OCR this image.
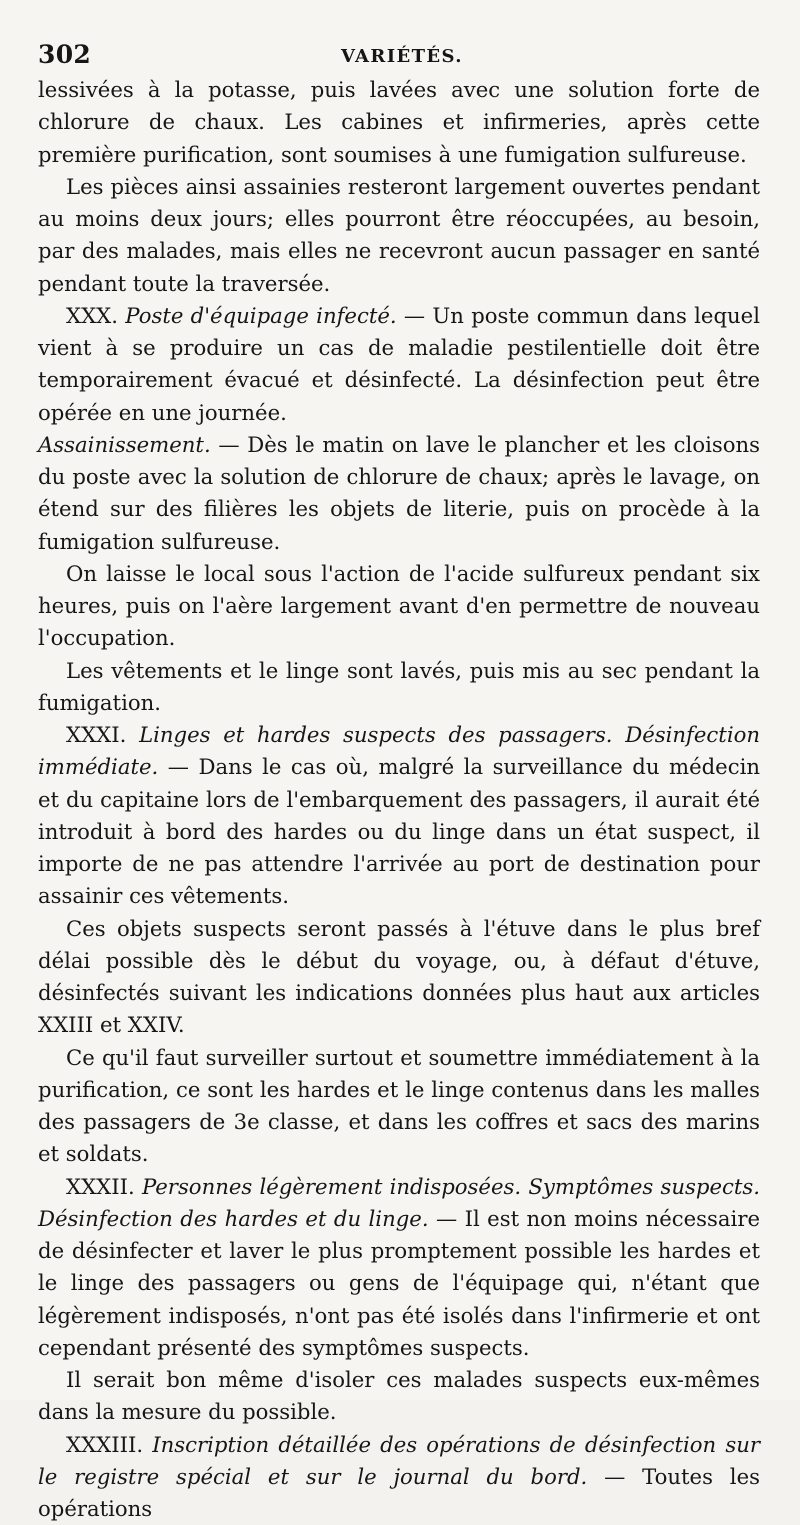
302	VARIÉTÉS.

lessivées à la potasse, puis lavées avec une solution forte de chlorure de chaux. Les cabines et infirmeries, après cette première purification, sont soumises à une fumigation sulfureuse.

Les pièces ainsi assainies resteront largement ouvertes pendant au moins deux jours; elles pourront être réoccupées, au besoin, par des malades, mais elles ne recevront aucun passager en santé pendant toute la traversée.

XXX. Poste d'équipage infecté. — Un poste commun dans lequel vient à se produire un cas de maladie pestilentielle doit être temporairement évacué et désinfecté. La désinfection peut être opérée en une journée.

Assainissement. — Dès le matin on lave le plancher et les cloisons du poste avec la solution de chlorure de chaux; après le lavage, on étend sur des filières les objets de literie, puis on procède à la fumigation sulfureuse.

On laisse le local sous l'action de l'acide sulfureux pendant six heures, puis on l'aère largement avant d'en permettre de nouveau l'occupation.

Les vêtements et le linge sont lavés, puis mis au sec pendant la fumigation.

XXXI. Linges et hardes suspects des passagers. Désinfection immédiate. — Dans le cas où, malgré la surveillance du médecin et du capitaine lors de l'embarquement des passagers, il aurait été introduit à bord des hardes ou du linge dans un état suspect, il importe de ne pas attendre l'arrivée au port de destination pour assainir ces vêtements.

Ces objets suspects seront passés à l'étuve dans le plus bref délai possible dès le début du voyage, ou, à défaut d'étuve, désinfectés suivant les indications données plus haut aux articles XXIII et XXIV.

Ce qu'il faut surveiller surtout et soumettre immédiatement à la purification, ce sont les hardes et le linge contenus dans les malles des passagers de 3e classe, et dans les coffres et sacs des marins et soldats.

XXXII. Personnes légèrement indisposées. Symptômes suspects. Désinfection des hardes et du linge. — Il est non moins nécessaire de désinfecter et laver le plus promptement possible les hardes et le linge des passagers ou gens de l'équipage qui, n'étant que légèrement indisposés, n'ont pas été isolés dans l'infirmerie et ont cependant présenté des symptômes suspects.

Il serait bon même d'isoler ces malades suspects eux-mêmes dans la mesure du possible.

XXXIII. Inscription détaillée des opérations de désinfection sur le registre spécial et sur le journal du bord. — Toutes les opérations
